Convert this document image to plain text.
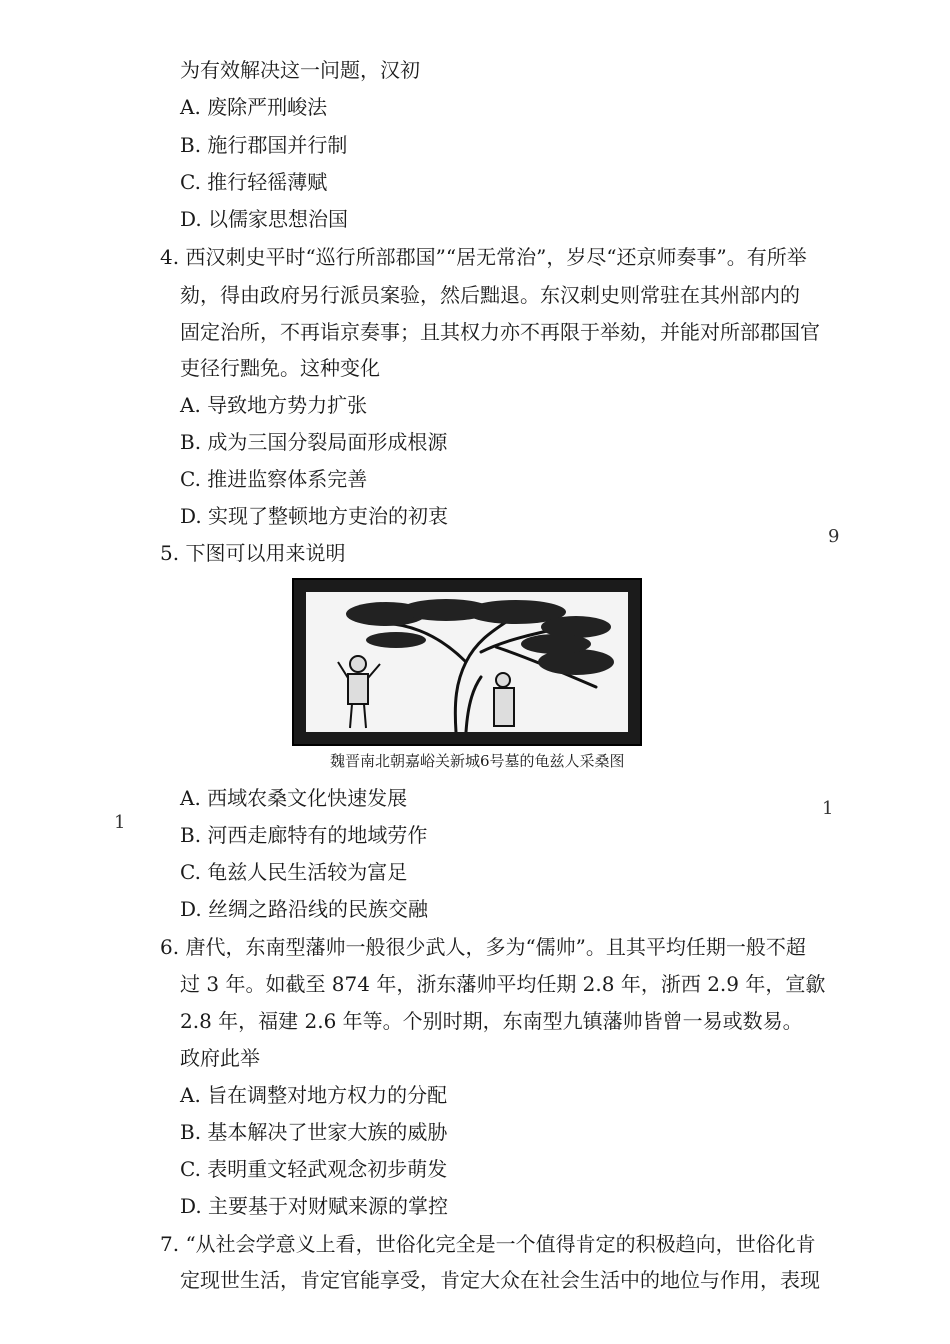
为有效解决这一问题，汉初
A. 废除严刑峻法
B. 施行郡国并行制
C. 推行轻徭薄赋
D. 以儒家思想治国
4. 西汉刺史平时“巡行所部郡国”“居无常治”，岁尽“还京师奏事”。有所举
劾，得由政府另行派员案验，然后黜退。东汉刺史则常驻在其州部内的
固定治所，不再诣京奏事；且其权力亦不再限于举劾，并能对所部郡国官
吏径行黜免。这种变化
A. 导致地方势力扩张
B. 成为三国分裂局面形成根源
C. 推进监察体系完善
D. 实现了整顿地方吏治的初衷
5. 下图可以用来说明
魏晋南北朝嘉峪关新城6号墓的龟兹人采桑图
A. 西域农桑文化快速发展
B. 河西走廊特有的地域劳作
C. 龟兹人民生活较为富足
D. 丝绸之路沿线的民族交融
6. 唐代，东南型藩帅一般很少武人，多为“儒帅”。且其平均任期一般不超
过 3 年。如截至 874 年，浙东藩帅平均任期 2.8 年，浙西 2.9 年，宣歙
2.8 年，福建 2.6 年等。个别时期，东南型九镇藩帅皆曾一易或数易。
政府此举
A. 旨在调整对地方权力的分配
B. 基本解决了世家大族的威胁
C. 表明重文轻武观念初步萌发
D. 主要基于对财赋来源的掌控
7. “从社会学意义上看，世俗化完全是一个值得肯定的积极趋向，世俗化肯
定现世生活，肯定官能享受，肯定大众在社会生活中的地位与作用，表现
9
1
1
